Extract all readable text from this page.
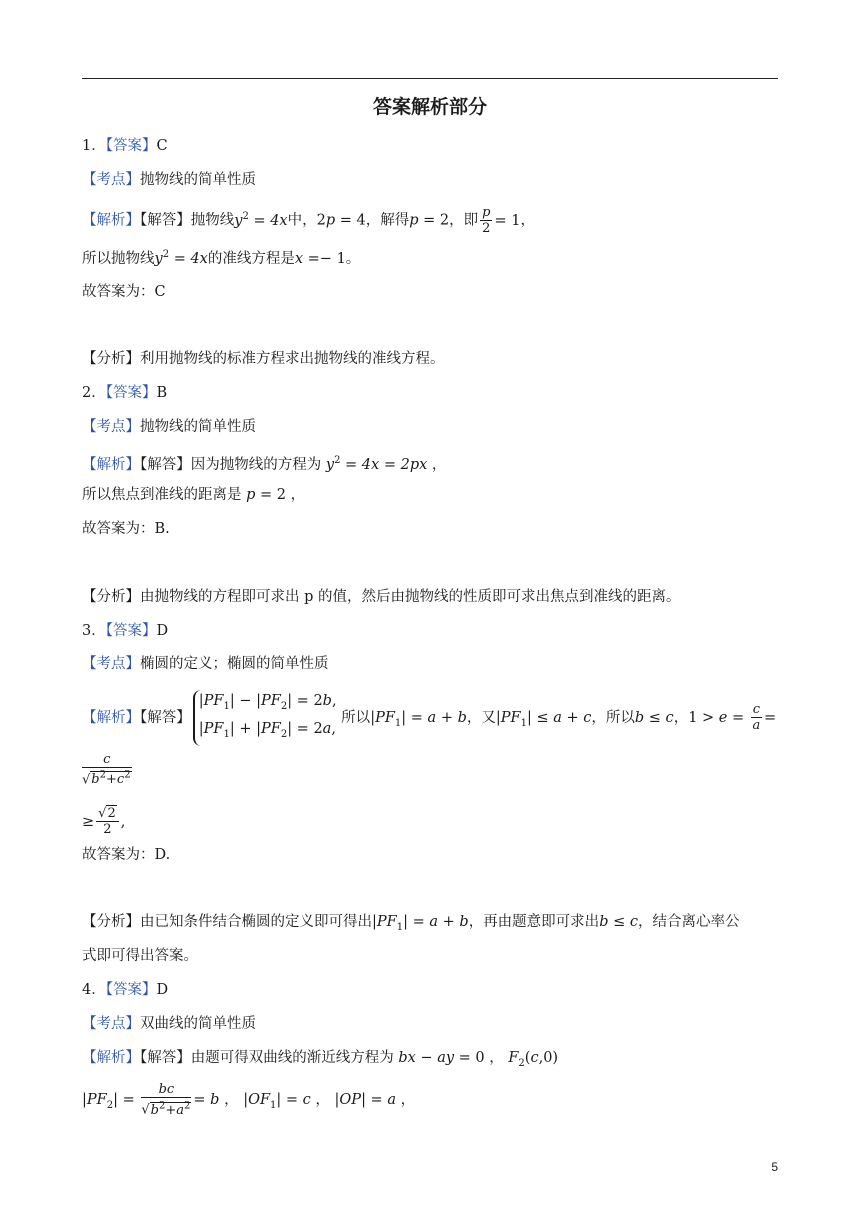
答案解析部分
1．【答案】C
【考点】抛物线的简单性质
【解析】【解答】抛物线$y^2 = 4x$中，2p = 4，解得p = 2，即 $\frac{p}{2} = 1$，
所以抛物线$y^2 = 4x$的准线方程是x =− 1。
故答案为：C
【分析】利用抛物线的标准方程求出抛物线的准线方程。
2．【答案】B
【考点】抛物线的简单性质
【解析】【解答】因为抛物线的方程为 $y^2 = 4x = 2px$ ，
所以焦点到准线的距离是 p = 2 ，
故答案为：B.
【分析】由抛物线的方程即可求出 p 的值，然后由抛物线的性质即可求出焦点到准线的距离。
3．【答案】D
【考点】椭圆的定义；椭圆的简单性质
【解析】【解答】
$|PF_1| - |PF_2| = 2b$,
$|PF_1| + |PF_2| = 2a$,
所以$|PF_1| = a + b$，又$|PF_1| \le a + c$，所以b ≤ c，$1 > e = \frac{c}{a}$ =
$\frac{c}{√b^2+c^2}$
≥ $\frac{√2}{2}$ ,
故答案为：D.
【分析】由已知条件结合椭圆的定义即可得出$|PF_1| = a + b$，再由题意即可求出b ≤ c，结合离心率公
式即可得出答案。
4．【答案】D
【考点】双曲线的简单性质
【解析】【解答】由题可得双曲线的渐近线方程为 bx − ay = 0 ， $F_2(c,0)$
$|PF_2| = \frac{bc}{√b^2+a^2} = b$ ， $|OF_1| = c$ ， |OP| = a ，
5
